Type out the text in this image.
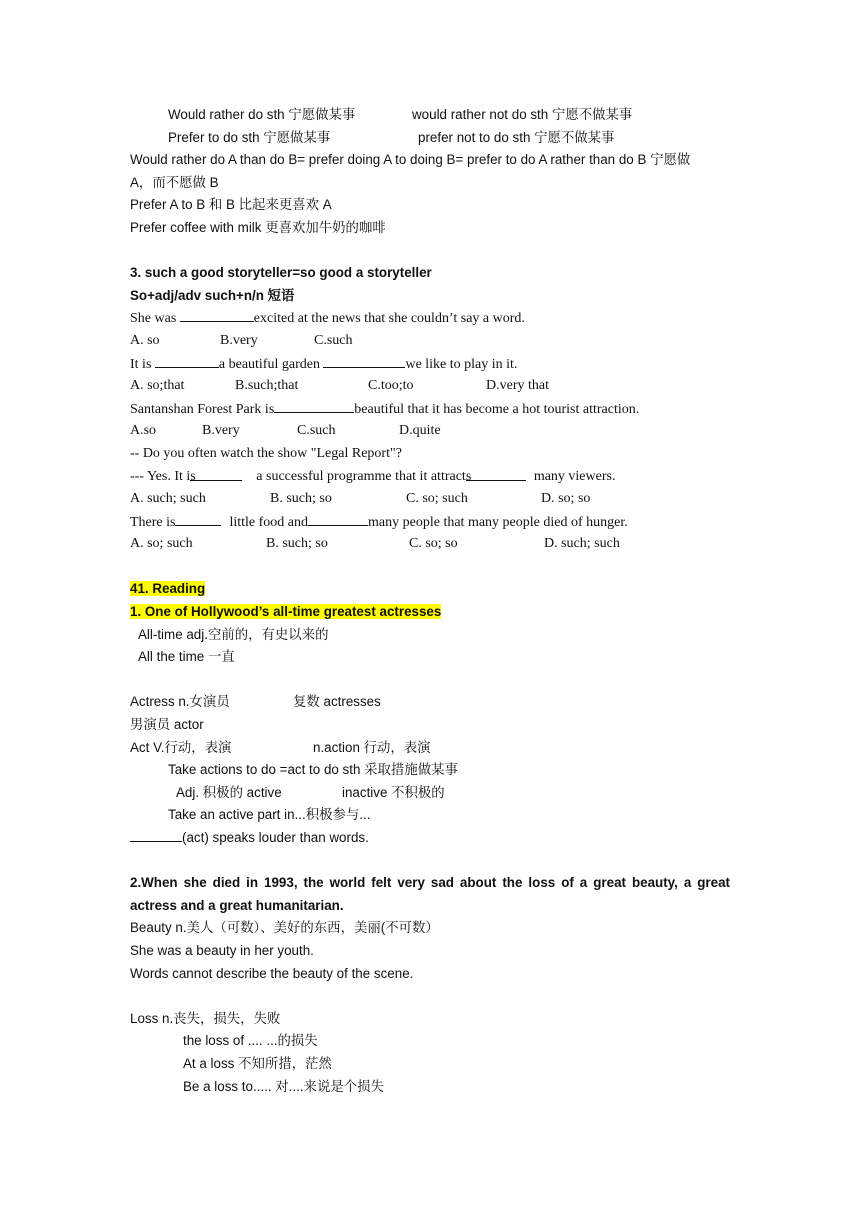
Would rather do sth 宁愿做某事	would rather not do sth 宁愿不做某事
Prefer to do sth 宁愿做某事	prefer not to do sth 宁愿不做某事
Would rather do A than do B= prefer doing A to doing B= prefer to do A rather than do B 宁愿做
A，而不愿做 B
Prefer A to B 和 B 比起来更喜欢 A
Prefer coffee with milk 更喜欢加牛奶的咖啡
3. such a good storyteller=so good a storyteller
So+adj/adv such+n/n 短语
She was	excited at the news that she couldn’t say a word.
A. so	B.very	C.such
It is	a beautiful garden	we like to play in it.
A. so;that	B.such;that	C.too;to	D.very that
Santanshan Forest Park is	beautiful that it has become a hot tourist attraction.
A.so	B.very	C.such	D.quite
-- Do you often watch the show "Legal Report"?
--- Yes. It is	a successful programme that it attracts	many viewers.
A. such; such	B. such; so	C. so; such	D. so; so
There is	little food and	many people that many people died of hunger.
A. so; such	B. such; so	C. so; so	D. such; such
41. Reading
1. One of Hollywood’s all-time greatest actresses
All-time adj.空前的，有史以来的
All the time 一直
Actress n.女演员	复数 actresses
男演员 actor
Act V.行动，表演	n.action 行动，表演
Take actions to do =act to do sth 采取措施做某事
Adj. 积极的 active	inactive 不积极的
Take an active part in...积极参与...
(act) speaks louder than words.
2.When she died in 1993, the world felt very sad about the loss of a great beauty, a great
actress and a great humanitarian.
Beauty n.美人（可数）、美好的东西，美丽(不可数）
She was a beauty in her youth.
Words cannot describe the beauty of the scene.
Loss n.丧失，损失，失败
the loss of .... ...的损失
At a loss 不知所措，茫然
Be a loss to..... 对....来说是个损失
